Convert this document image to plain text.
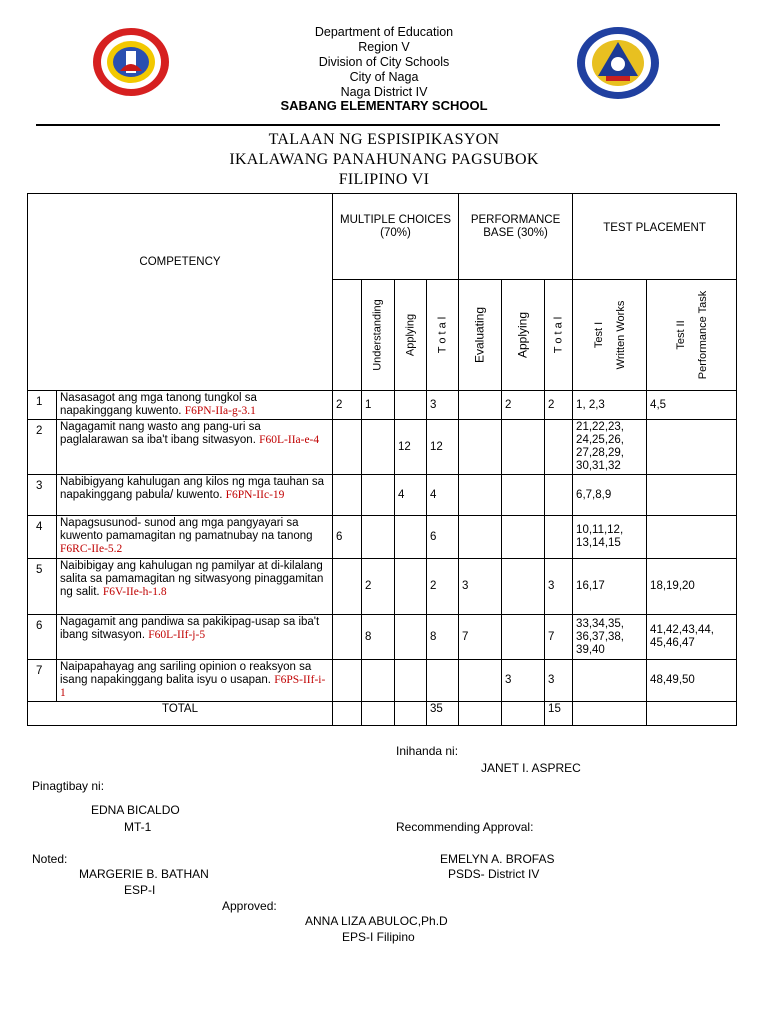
Department of Education
Region V
Division of City Schools
City of Naga
Naga District IV
SABANG ELEMENTARY SCHOOL
TALAAN NG ESPISIPIKASYON
IKALAWANG PANAHUNANG PAGSUBOK
FILIPINO VI
COMPETENCY		MULTIPLE CHOICES (70%)				PERFORMANCE BASE (30%)			TEST PLACEMENT	

			Understanding	Applying	T o t a l	Evaluating	Applying	T o t a l	Test I Written Works	Test II Performance Task

1	Nasasagot ang mga tanong tungkol sa napakinggang kuwento. F6PN-IIa-g-3.1	2	1		3		2	2	1, 2,3	4,5
2	Nagagamit nang wasto ang pang-uri sa paglalarawan sa iba't ibang sitwasyon. F60L-IIa-e-4			12	12				21,22,23, 24,25,26, 27,28,29, 30,31,32	
3	Nabibigyang kahulugan ang kilos ng mga tauhan sa napakinggang pabula/ kuwento. F6PN-IIc-19			4	4				6,7,8,9	
4	Napagsusunod- sunod ang mga pangyayari sa kuwento pamamagitan ng pamatnubay na tanong F6RC-IIe-5.2	6			6				10,11,12, 13,14,15	
5	Naibibigay ang kahulugan ng pamilyar at di-kilalang salita sa pamamagitan ng sitwasyong pinaggamitan ng salit. F6V-IIe-h-1.8		2		2	3		3	16,17	18,19,20
6	Nagagamit ang pandiwa sa pakikipag-usap sa iba't ibang sitwasyon. F60L-IIf-j-5		8		8	7		7	33,34,35, 36,37,38, 39,40	41,42,43,44, 45,46,47
7	Naipapahayag ang sariling opinion o reaksyon sa isang napakinggang balita isyu o usapan. F6PS-IIf-i-1						3	3		48,49,50
TOTAL					35			15		
Inihanda ni:
JANET I. ASPREC
Pinagtibay ni:
EDNA BICALDO
MT-1	Recommending Approval:
Noted:
MARGERIE B. BATHAN
ESP-I
EMELYN A. BROFAS
PSDS- District IV
Approved:
ANNA LIZA ABULOC,Ph.D
EPS-I Filipino
